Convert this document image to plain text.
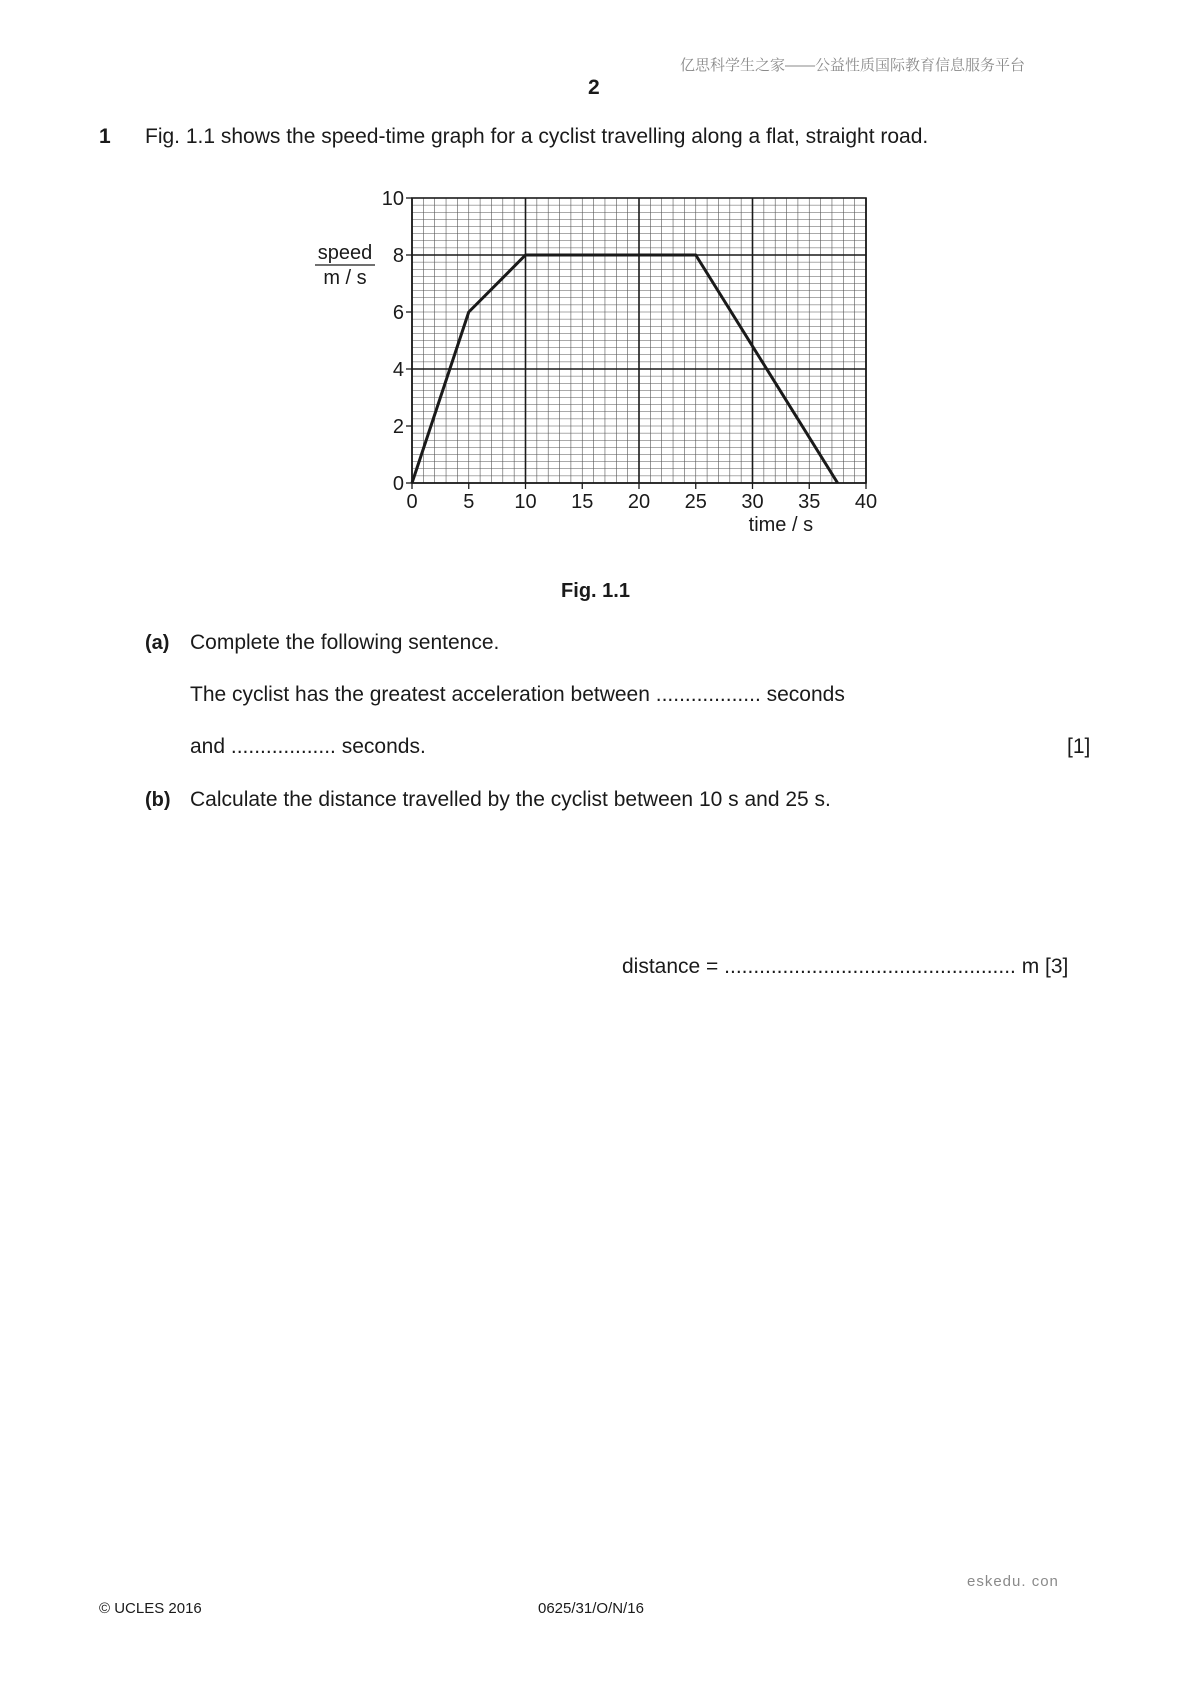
亿思科学生之家——公益性质国际教育信息服务平台
2
1 Fig. 1.1 shows the speed-time graph for a cyclist travelling along a flat, straight road.
0 5 10 15 20 25 30 35 40
0
2
4
6
8
10
speed
m / s
time / s
Fig. 1.1
(a) Complete the following sentence.
The cyclist has the greatest acceleration between .................. seconds
and .................. seconds.	[1]
(b) Calculate the distance travelled by the cyclist between 10 s and 25 s.
distance = .................................................. m [3]
eskedu. con
© UCLES 2016	0625/31/O/N/16
